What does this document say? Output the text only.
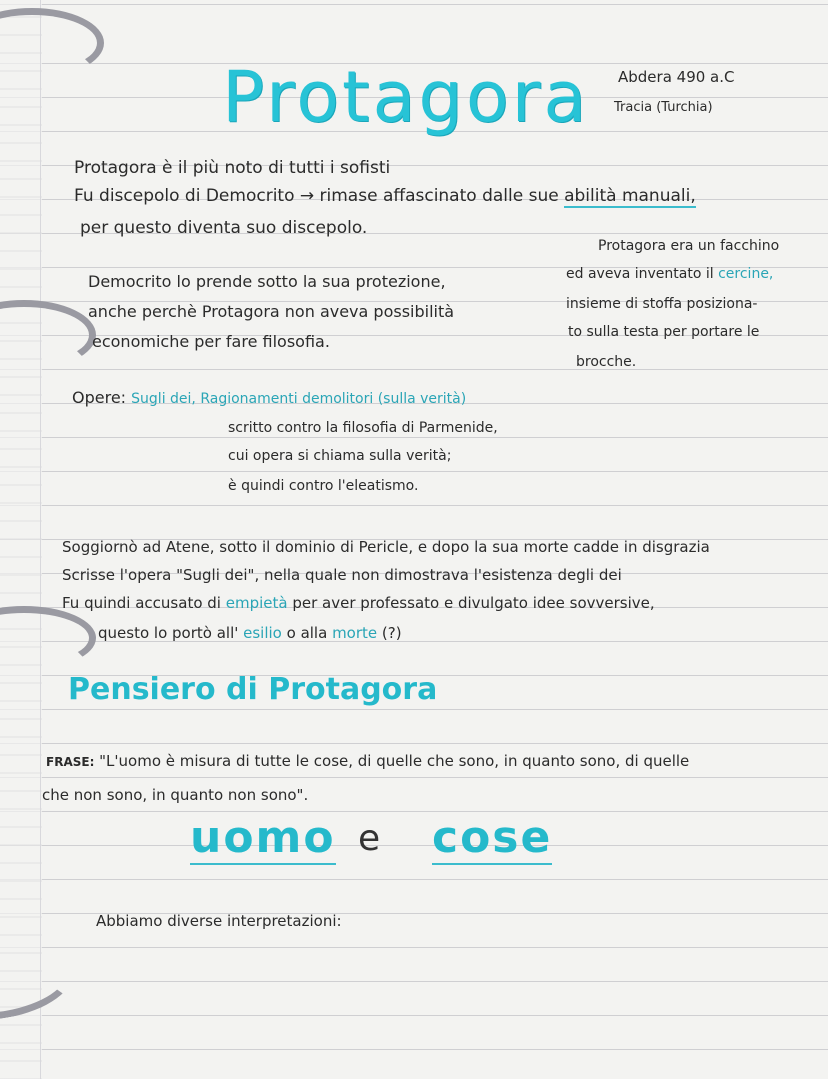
Protagora Abdera 490 a.C
Tracia (Turchia)
Protagora è il più noto di tutti i sofisti
Fu discepolo di Democrito → rimase affascinato dalle sue abilità manuali,
per questo diventa suo discepolo.
Protagora era un facchino
ed aveva inventato il cercine,
insieme di stoffa posiziona-
to sulla testa per portare le
brocche.
Democrito lo prende sotto la sua protezione,
anche perchè Protagora non aveva possibilità
economiche per fare filosofia.
Opere: Sugli dei, Ragionamenti demolitori (sulla verità)
scritto contro la filosofia di Parmenide,
cui opera si chiama sulla verità;
è quindi contro l'eleatismo.
Soggiornò ad Atene, sotto il dominio di Pericle, e dopo la sua morte cadde in disgrazia
Scrisse l'opera "Sugli dei", nella quale non dimostrava l'esistenza degli dei
Fu quindi accusato di empietà per aver professato e divulgato idee sovversive,
questo lo portò all' esilio o alla morte (?)
Pensiero di Protagora
FRASE: "L'uomo è misura di tutte le cose, di quelle che sono, in quanto sono, di quelle
che non sono, in quanto non sono".
uomo e cose
Abbiamo diverse interpretazioni:
